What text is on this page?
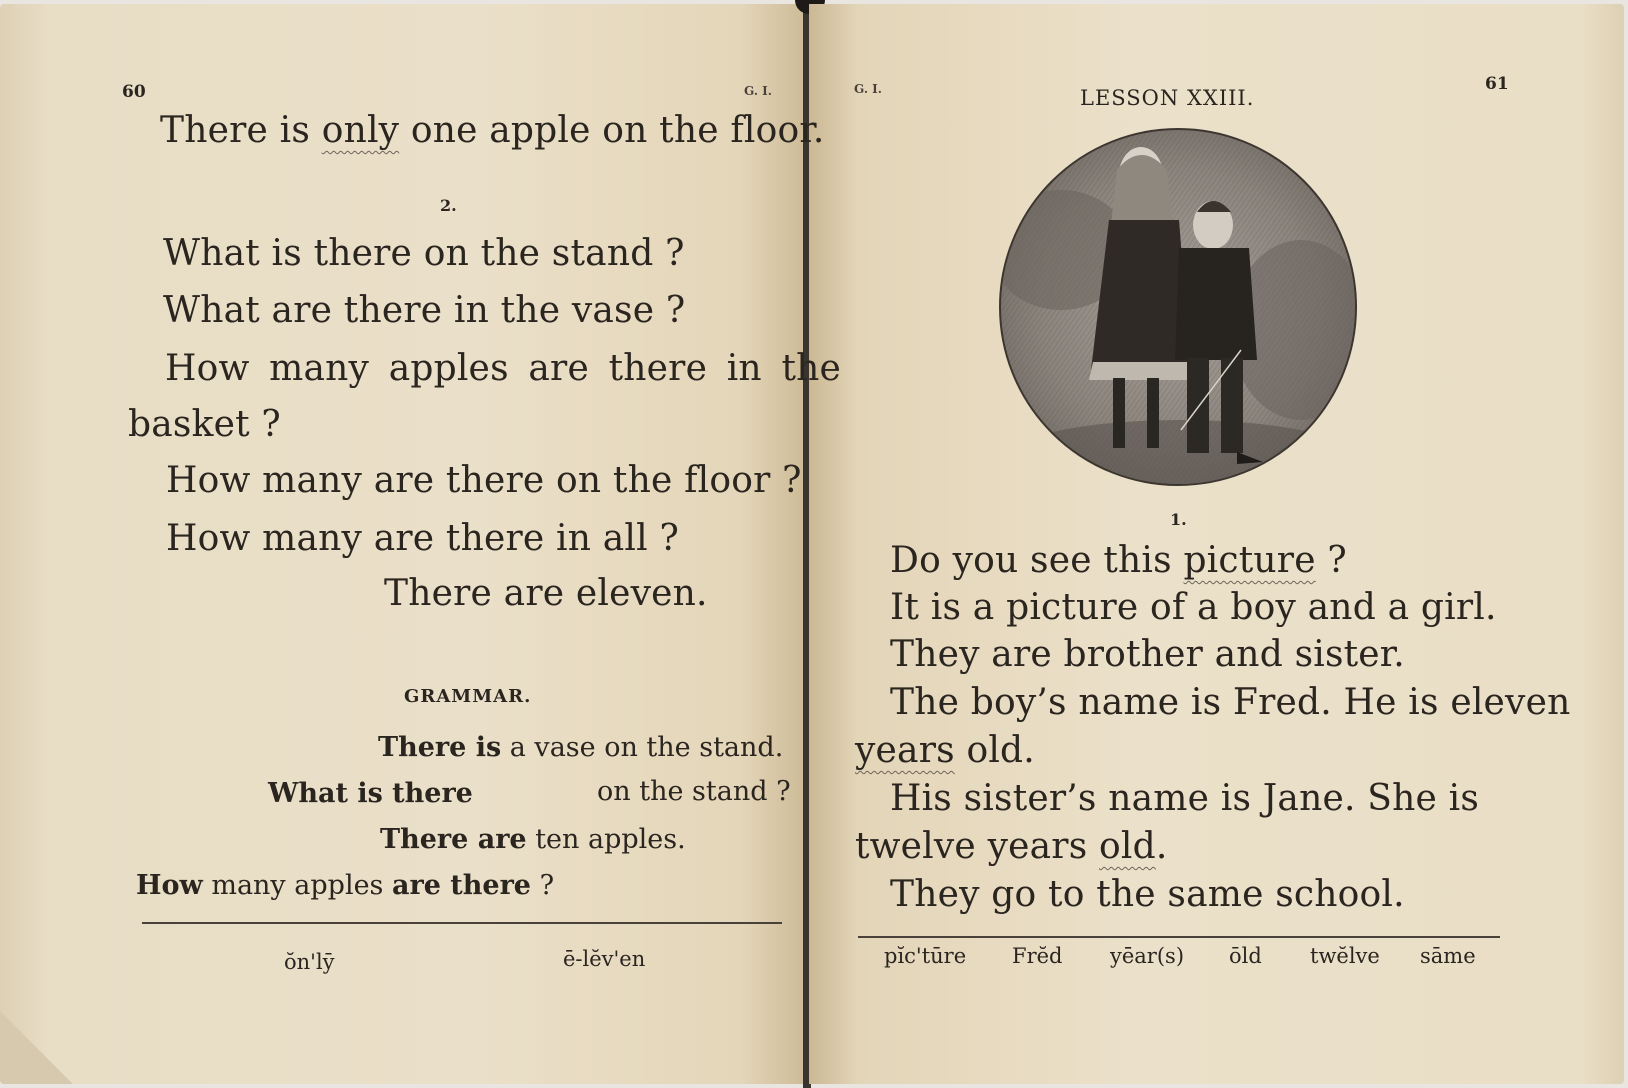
60	G. I.
There is only one apple on the floor.
2.
What is there on the stand ?
What are there in the vase ?
How many apples are there in the
basket ?
How many are there on the floor ?
How many are there in all ?
There are eleven.
GRAMMAR.
There is a vase on the stand.
What is there	on the stand ?
There are ten apples.
How many apples are there ?
ŏn'lȳ	ē-lĕv'en
G. I.	LESSON XXIII.
61
1.
Do you see this picture ?
It is a picture of a boy and a girl.
They are brother and sister.
The boy’s name is Fred. He is eleven
years old.
His sister’s name is Jane. She is
twelve years old.
They go to the same school.
pĭc'tūre Frĕd yēar(s) ōld twĕlve sāme
